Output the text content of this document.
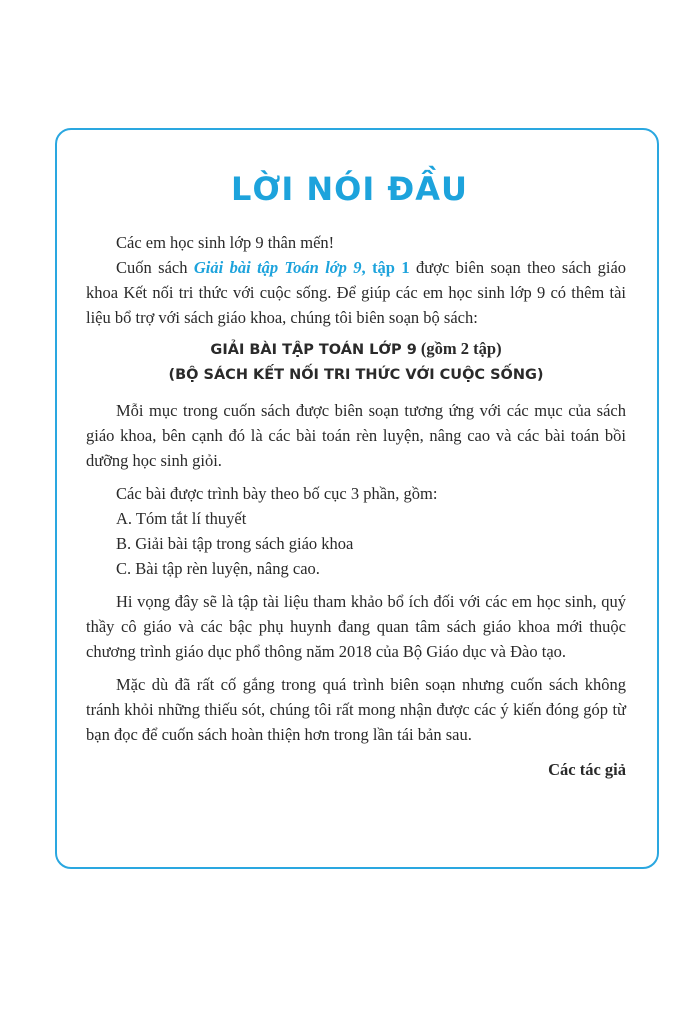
LỜI NÓI ĐẦU

Các em học sinh lớp 9 thân mến!

Cuốn sách Giải bài tập Toán lớp 9, tập 1 được biên soạn theo sách giáo khoa Kết nối tri thức với cuộc sống. Để giúp các em học sinh lớp 9 có thêm tài liệu bổ trợ với sách giáo khoa, chúng tôi biên soạn bộ sách:

GIẢI BÀI TẬP TOÁN LỚP 9 (gồm 2 tập)

(BỘ SÁCH KẾT NỐI TRI THỨC VỚI CUỘC SỐNG)

Mỗi mục trong cuốn sách được biên soạn tương ứng với các mục của sách giáo khoa, bên cạnh đó là các bài toán rèn luyện, nâng cao và các bài toán bồi dưỡng học sinh giỏi.

Các bài được trình bày theo bố cục 3 phần, gồm:

A. Tóm tắt lí thuyết

B. Giải bài tập trong sách giáo khoa

C. Bài tập rèn luyện, nâng cao.

Hi vọng đây sẽ là tập tài liệu tham khảo bổ ích đối với các em học sinh, quý thầy cô giáo và các bậc phụ huynh đang quan tâm sách giáo khoa mới thuộc chương trình giáo dục phổ thông năm 2018 của Bộ Giáo dục và Đào tạo.

Mặc dù đã rất cố gắng trong quá trình biên soạn nhưng cuốn sách không tránh khỏi những thiếu sót, chúng tôi rất mong nhận được các ý kiến đóng góp từ bạn đọc để cuốn sách hoàn thiện hơn trong lần tái bản sau.

Các tác giả
